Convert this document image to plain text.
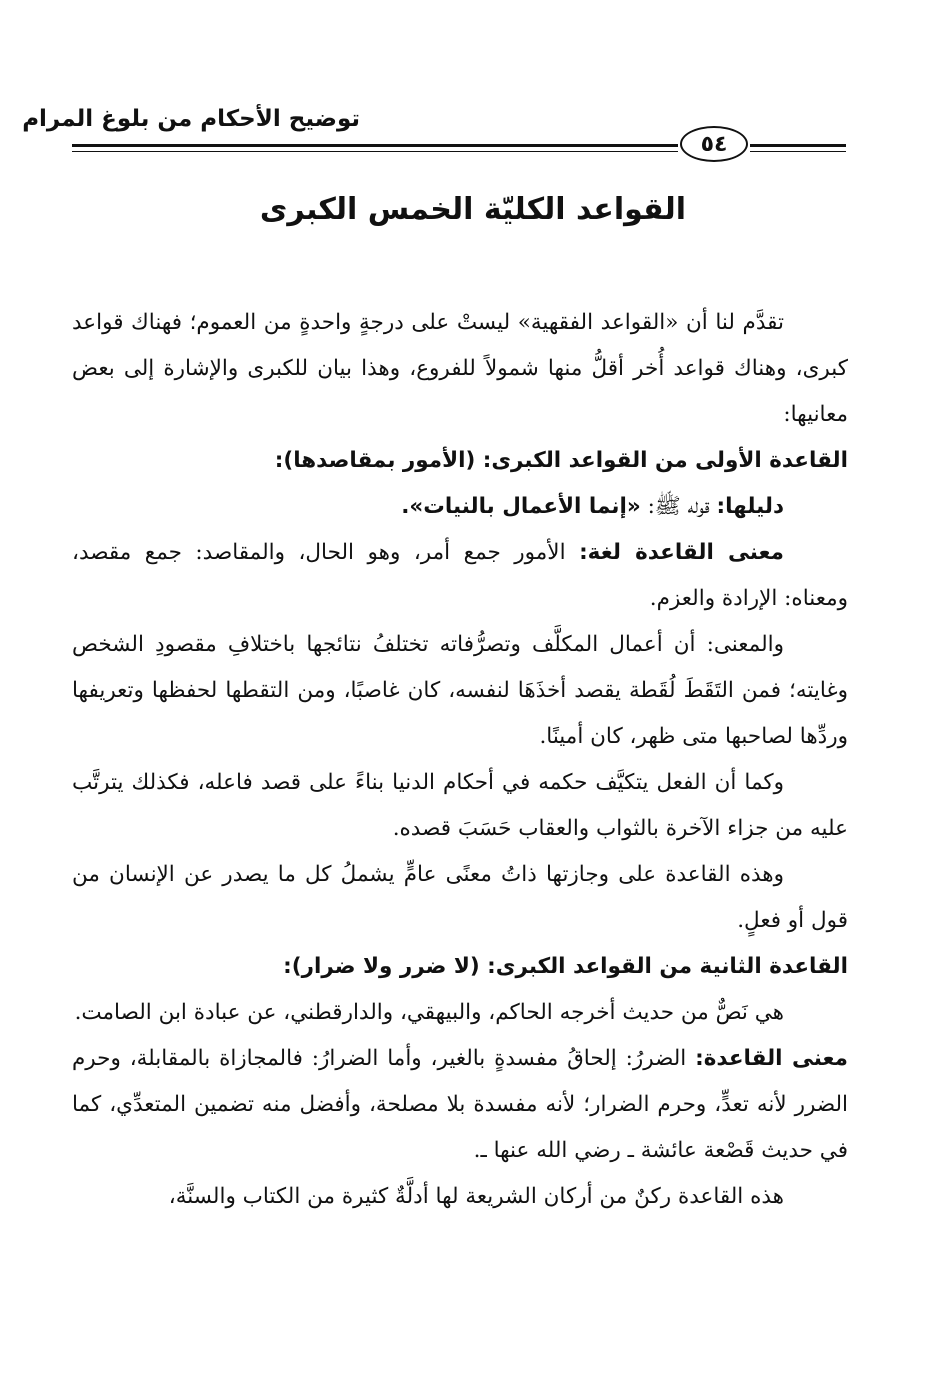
توضيح الأحكام من بلوغ المرام
٥٤
القواعد الكليّة الخمس الكبرى

تقدَّم لنا أن «القواعد الفقهية» ليستْ على درجةٍ واحدةٍ من العموم؛ فهناك قواعد كبرى، وهناك قواعد أُخر أقلُّ منها شمولاً للفروع، وهذا بيان للكبرى والإشارة إلى بعض معانيها:

القاعدة الأولى من القواعد الكبرى: (الأمور بمقاصدها):

دليلها: قوله ﷺ: «إنما الأعمال بالنيات».

معنى القاعدة لغة: الأمور جمع أمر، وهو الحال، والمقاصد: جمع مقصد، ومعناه: الإرادة والعزم.

والمعنى: أن أعمال المكلَّف وتصرُّفاته تختلفُ نتائجها باختلافِ مقصودِ الشخص وغايته؛ فمن التَقَطَ لُقَطة يقصد أخذَهَا لنفسه، كان غاصبًا، ومن التقطها لحفظها وتعريفها وردِّها لصاحبها متى ظهر، كان أمينًا.

وكما أن الفعل يتكيَّف حكمه في أحكام الدنيا بناءً على قصد فاعله، فكذلك يترتَّب عليه من جزاء الآخرة بالثواب والعقاب حَسَبَ قصده.

وهذه القاعدة على وجازتها ذاتُ معنًى عامٍّ يشملُ كل ما يصدر عن الإنسان من قول أو فعلٍ.

القاعدة الثانية من القواعد الكبرى: (لا ضرر ولا ضرار):

هي نَصٌّ من حديث أخرجه الحاكم، والبيهقي، والدارقطني، عن عبادة ابن الصامت.

معنى القاعدة: الضررُ: إلحاقُ مفسدةٍ بالغير، وأما الضرارُ: فالمجازاة بالمقابلة، وحرم الضرر لأنه تعدٍّ، وحرم الضرار؛ لأنه مفسدة بلا مصلحة، وأفضل منه تضمين المتعدِّي، كما في حديث قَصْعة عائشة ـ رضي الله عنها ـ.

هذه القاعدة ركنٌ من أركان الشريعة لها أدلَّةٌ كثيرة من الكتاب والسنَّة،
